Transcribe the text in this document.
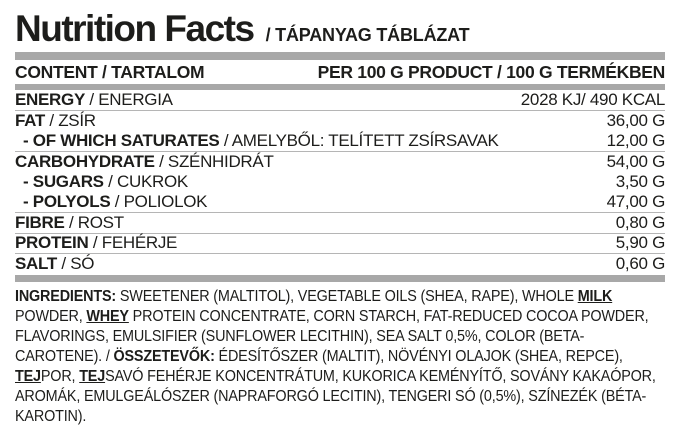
Nutrition Facts / TÁPANYAG TÁBLÁZAT
CONTENT / TARTALOM	PER 100 G PRODUCT / 100 G TERMÉKBEN
ENERGY / ENERGIA	2028 KJ/ 490 KCAL
FAT / ZSÍR	36,00 G
- OF WHICH SATURATES / AMELYBŐL: TELÍTETT ZSÍRSAVAK	12,00 G
CARBOHYDRATE / SZÉNHIDRÁT	54,00 G
- SUGARS / CUKROK	3,50 G
- POLYOLS / POLIOLOK	47,00 G
FIBRE / ROST	0,80 G
PROTEIN / FEHÉRJE	5,90 G
SALT / SÓ	0,60 G

INGREDIENTS: SWEETENER (MALTITOL), VEGETABLE OILS (SHEA, RAPE), WHOLE MILK POWDER, WHEY PROTEIN CONCENTRATE, CORN STARCH, FAT-REDUCED COCOA POWDER, FLAVORINGS, EMULSIFIER (SUNFLOWER LECITHIN), SEA SALT 0,5%, COLOR (BETA-CAROTENE). / ÖSSZETEVŐK: ÉDESÍTŐSZER (MALTIT), NÖVÉNYI OLAJOK (SHEA, REPCE), TEJPOR, TEJSAVÓ FEHÉRJE KONCENTRÁTUM, KUKORICA KEMÉNYÍTŐ, SOVÁNY KAKAÓPOR, AROMÁK, EMULGEÁLÓSZER (NAPRAFORGÓ LECITIN), TENGERI SÓ (0,5%), SZÍNEZÉK (BÉTA-KAROTIN).
